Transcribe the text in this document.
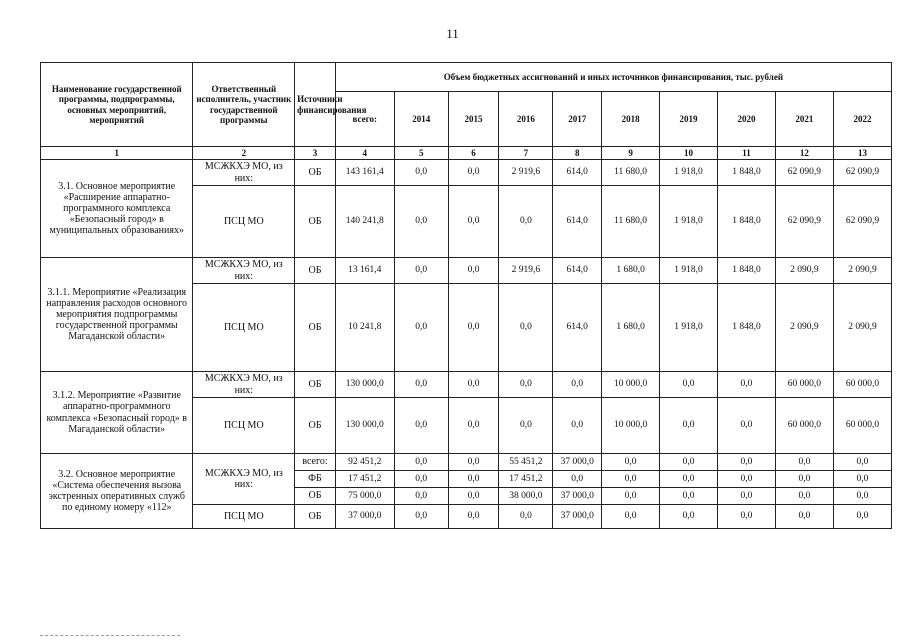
11
Наименование государственной программы, подпрограммы, основных мероприятий, мероприятий	Ответственный исполнитель, участник государственной программы	Источники финансирования	Объем бюджетных ассигнований и иных источников финансирования, тыс. рублей									
			всего:	2014	2015	2016	2017	2018	2019	2020	2021	2022
1	2	3	4	5	6	7	8	9	10	11	12	13
3.1. Основное мероприятие «Расширение аппаратно-программного комплекса «Безопасный город» в муниципальных образованиях»	МСЖКХЭ МО, из них:	ОБ	143 161,4	0,0	0,0	2 919,6	614,0	11 680,0	1 918,0	1 848,0	62 090,9	62 090,9
	ПСЦ МО	ОБ	140 241,8	0,0	0,0	0,0	614,0	11 680,0	1 918,0	1 848,0	62 090,9	62 090,9
3.1.1. Мероприятие «Реализация направления расходов основного мероприятия подпрограммы государственной программы Магаданской области»	МСЖКХЭ МО, из них:	ОБ	13 161,4	0,0	0,0	2 919,6	614,0	1 680,0	1 918,0	1 848,0	2 090,9	2 090,9
	ПСЦ МО	ОБ	10 241,8	0,0	0,0	0,0	614,0	1 680,0	1 918,0	1 848,0	2 090,9	2 090,9
3.1.2. Мероприятие «Развитие аппаратно-программного комплекса «Безопасный город» в Магаданской области»	МСЖКХЭ МО, из них:	ОБ	130 000,0	0,0	0,0	0,0	0,0	10 000,0	0,0	0,0	60 000,0	60 000,0
	ПСЦ МО	ОБ	130 000,0	0,0	0,0	0,0	0,0	10 000,0	0,0	0,0	60 000,0	60 000,0
3.2. Основное мероприятие «Система обеспечения вызова экстренных оперативных служб по единому номеру «112»	МСЖКХЭ МО, из них:	всего:	92 451,2	0,0	0,0	55 451,2	37 000,0	0,0	0,0	0,0	0,0	0,0
		ФБ	17 451,2	0,0	0,0	17 451,2	0,0	0,0	0,0	0,0	0,0	0,0
		ОБ	75 000,0	0,0	0,0	38 000,0	37 000,0	0,0	0,0	0,0	0,0	0,0
	ПСЦ МО	ОБ	37 000,0	0,0	0,0	0,0	37 000,0	0,0	0,0	0,0	0,0	0,0
